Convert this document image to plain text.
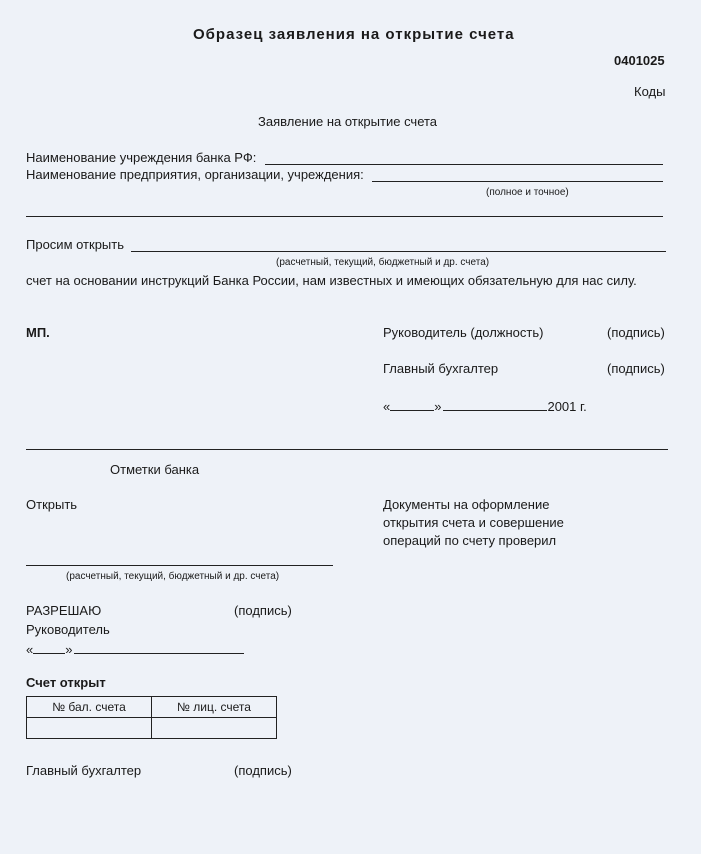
Образец заявления на открытие счета
0401025
Коды
Заявление на открытие счета
Наименование учреждения банка РФ:
Наименование предприятия, организации, учреждения:
(полное и точное)
Просим открыть
(расчетный, текущий, бюджетный и др. счета)
счет на основании инструкций Банка России, нам известных и имеющих обязательную для нас силу.
МП.	Руководитель (должность)	(подпись)
Главный бухгалтер	(подпись)
«	»	2001 г.
Отметки банка
Открыть	Документы на оформление
открытия счета и совершение
операций по счету проверил
(расчетный, текущий, бюджетный и др. счета)
РАЗРЕШАЮ	(подпись)
Руководитель
« »
Счет открыт
№ бал. счета	№ лиц. счета

Главный бухгалтер	(подпись)
